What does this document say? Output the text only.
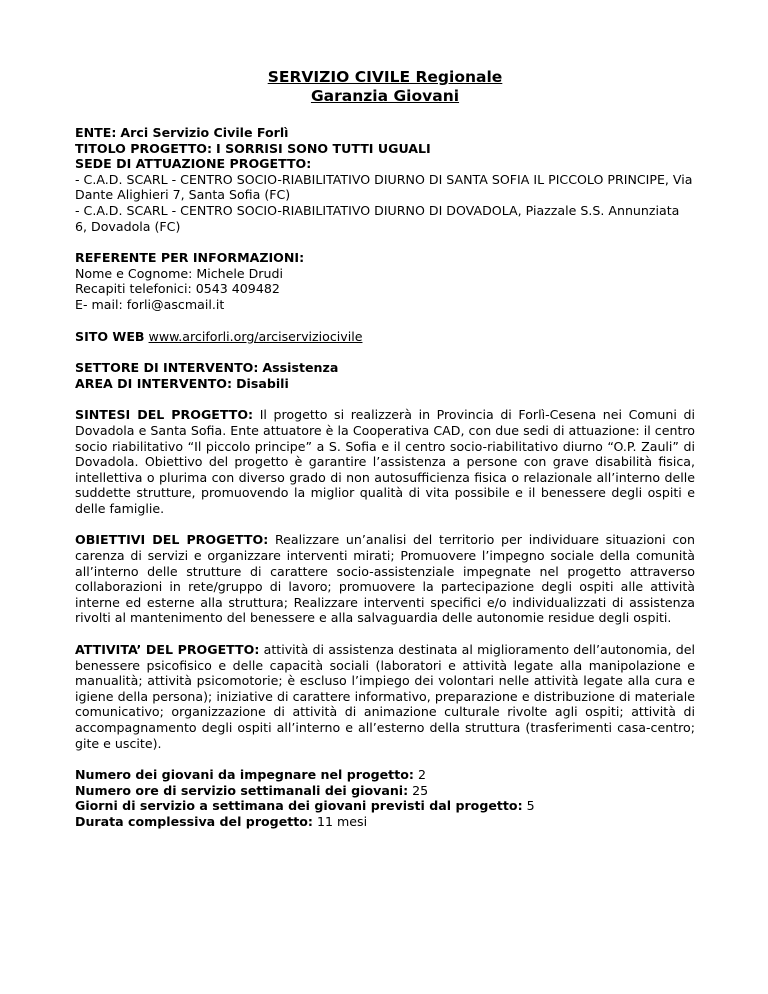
SERVIZIO CIVILE Regionale
Garanzia Giovani
ENTE: Arci Servizio Civile Forlì
TITOLO PROGETTO: I SORRISI SONO TUTTI UGUALI
SEDE DI ATTUAZIONE PROGETTO:
- C.A.D. SCARL - CENTRO SOCIO-RIABILITATIVO DIURNO DI SANTA SOFIA IL PICCOLO PRINCIPE, Via Dante Alighieri 7, Santa Sofia (FC)
- C.A.D. SCARL - CENTRO SOCIO-RIABILITATIVO DIURNO DI DOVADOLA, Piazzale S.S. Annunziata 6, Dovadola (FC)
REFERENTE PER INFORMAZIONI:
Nome e Cognome: Michele Drudi
Recapiti telefonici: 0543 409482
E- mail: forli@ascmail.it
SITO WEB www.arciforli.org/arciserviziocivile
SETTORE DI INTERVENTO: Assistenza
AREA DI INTERVENTO: Disabili
SINTESI DEL PROGETTO: Il progetto si realizzerà in Provincia di Forlì-Cesena nei Comuni di Dovadola e Santa Sofia. Ente attuatore è la Cooperativa CAD, con due sedi di attuazione: il centro socio riabilitativo “Il piccolo principe” a S. Sofia e il centro socio-riabilitativo diurno “O.P. Zauli” di Dovadola. Obiettivo del progetto è garantire l’assistenza a persone con grave disabilità fisica, intellettiva o plurima con diverso grado di non autosufficienza fisica o relazionale all’interno delle suddette strutture, promuovendo la miglior qualità di vita possibile e il benessere degli ospiti e delle famiglie.
OBIETTIVI DEL PROGETTO: Realizzare un’analisi del territorio per individuare situazioni con carenza di servizi e organizzare interventi mirati; Promuovere l’impegno sociale della comunità all’interno delle strutture di carattere socio-assistenziale impegnate nel progetto attraverso collaborazioni in rete/gruppo di lavoro; promuovere la partecipazione degli ospiti alle attività interne ed esterne alla struttura; Realizzare interventi specifici e/o individualizzati di assistenza rivolti al mantenimento del benessere e alla salvaguardia delle autonomie residue degli ospiti.
ATTIVITA’ DEL PROGETTO: attività di assistenza destinata al miglioramento dell’autonomia, del benessere psicofisico e delle capacità sociali (laboratori e attività legate alla manipolazione e manualità; attività psicomotorie; è escluso l’impiego dei volontari nelle attività legate alla cura e igiene della persona); iniziative di carattere informativo, preparazione e distribuzione di materiale comunicativo; organizzazione di attività di animazione culturale rivolte agli ospiti; attività di accompagnamento degli ospiti all’interno e all’esterno della struttura (trasferimenti casa-centro; gite e uscite).
Numero dei giovani da impegnare nel progetto: 2
Numero ore di servizio settimanali dei giovani: 25
Giorni di servizio a settimana dei giovani previsti dal progetto: 5
Durata complessiva del progetto: 11 mesi
